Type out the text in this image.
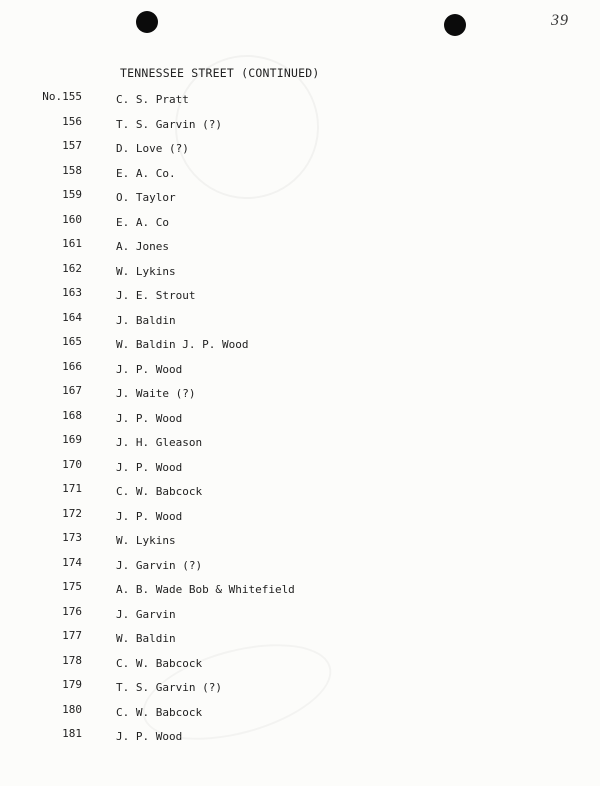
39
TENNESSEE STREET (CONTINUED)
No.155	C. S. Pratt
156	T. S. Garvin (?)
157	D. Love (?)
158	E. A. Co.
159	O. Taylor
160	E. A. Co
161	A. Jones
162	W. Lykins
163	J. E. Strout
164	J. Baldin
165	W. Baldin J. P. Wood
166	J. P. Wood
167	J. Waite (?)
168	J. P. Wood
169	J. H. Gleason
170	J. P. Wood
171	C. W. Babcock
172	J. P. Wood
173	W. Lykins
174	J. Garvin (?)
175	A. B. Wade Bob & Whitefield
176	J. Garvin
177	W. Baldin
178	C. W. Babcock
179	T. S. Garvin (?)
180	C. W. Babcock
181	J. P. Wood
